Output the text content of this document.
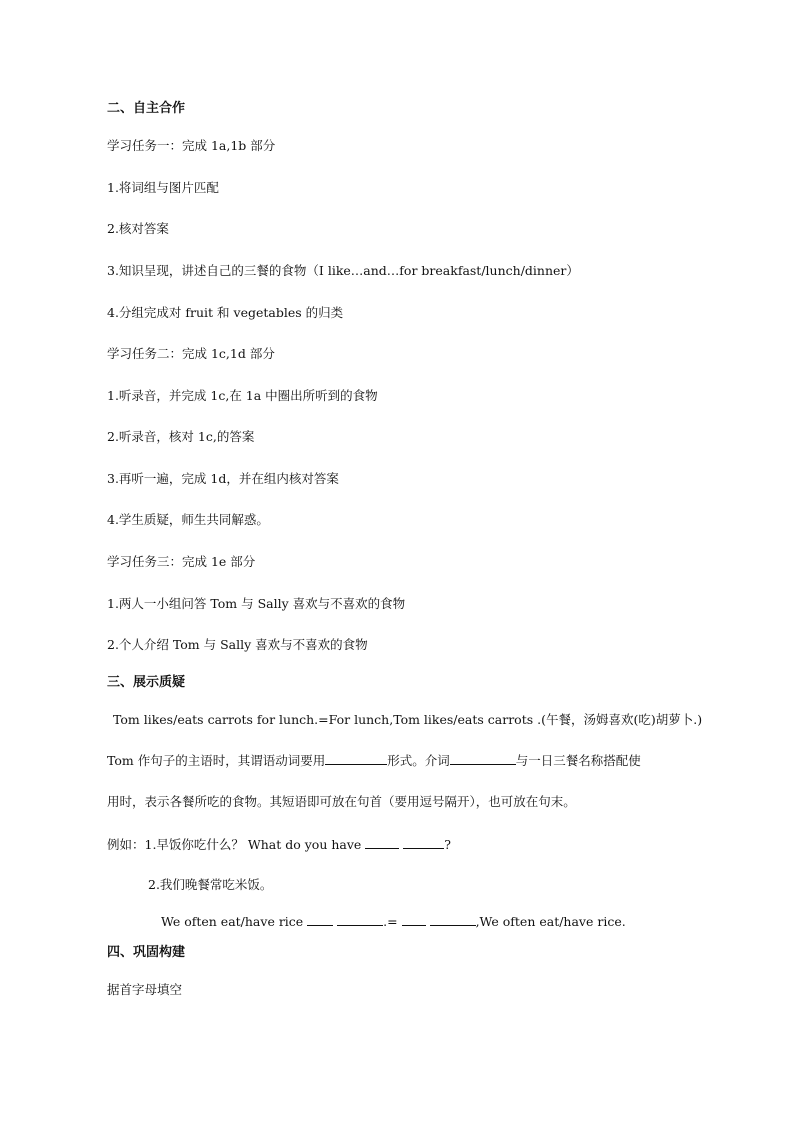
二、自主合作
学习任务一：完成 1a,1b 部分
1.将词组与图片匹配
2.核对答案
3.知识呈现，讲述自己的三餐的食物（I like…and…for breakfast/lunch/dinner）
4.分组完成对 fruit 和 vegetables 的归类
学习任务二：完成 1c,1d 部分
1.听录音，并完成 1c,在 1a 中圈出所听到的食物
2.听录音，核对 1c,的答案
3.再听一遍，完成 1d，并在组内核对答案
4.学生质疑，师生共同解惑。
学习任务三：完成 1e 部分
1.两人一小组问答 Tom 与 Sally 喜欢与不喜欢的食物
2.个人介绍 Tom 与 Sally 喜欢与不喜欢的食物
三、展示质疑
Tom likes/eats carrots for lunch.=For lunch,Tom likes/eats carrots .(午餐，汤姆喜欢(吃)胡萝卜.)
Tom 作句子的主语时，其谓语动词要用	形式。介词	与一日三餐名称搭配使
用时，表示各餐所吃的食物。其短语即可放在句首（要用逗号隔开），也可放在句末。
例如：1.早饭你吃什么？ What do you have	?
2.我们晚餐常吃米饭。
We often eat/have rice	.=	,We often eat/have rice.
四、巩固构建
据首字母填空
